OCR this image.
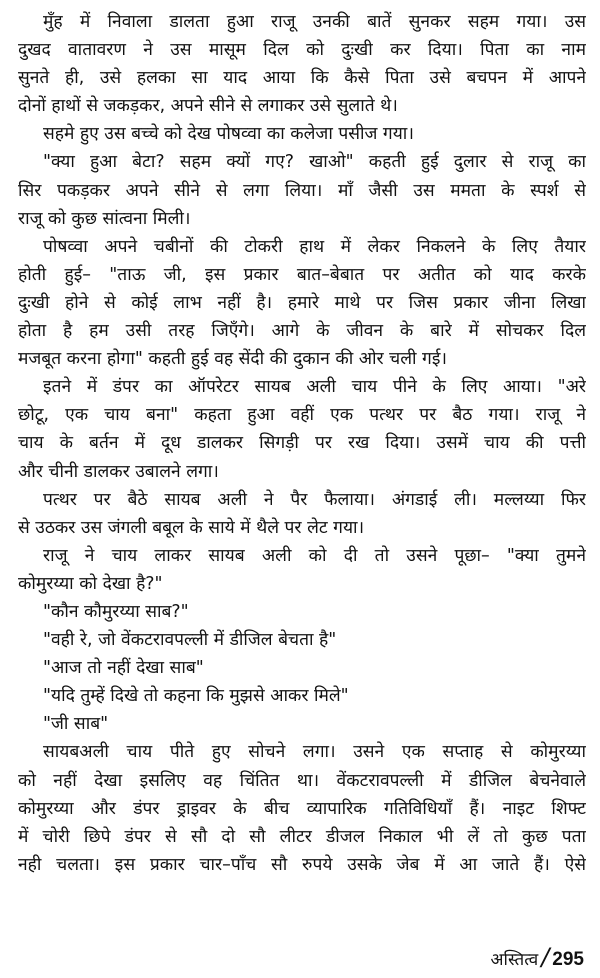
मुँह में निवाला डालता हुआ राजू उनकी बातें सुनकर सहम गया। उस
दुखद वातावरण ने उस मासूम दिल को दुःखी कर दिया। पिता का नाम
सुनते ही, उसे हलका सा याद आया कि कैसे पिता उसे बचपन में आपने
दोनों हाथों से जकड़कर, अपने सीने से लगाकर उसे सुलाते थे।
सहमे हुए उस बच्चे को देख पोषव्वा का कलेजा पसीज गया।
"क्या हुआ बेटा? सहम क्यों गए? खाओ" कहती हुई दुलार से राजू का
सिर पकड़कर अपने सीने से लगा लिया। माँ जैसी उस ममता के स्पर्श से
राजू को कुछ सांत्वना मिली।
पोषव्वा अपने चबीनों की टोकरी हाथ में लेकर निकलने के लिए तैयार
होती हुई– "ताऊ जी, इस प्रकार बात–बेबात पर अतीत को याद करके
दुःखी होने से कोई लाभ नहीं है। हमारे माथे पर जिस प्रकार जीना लिखा
होता है हम उसी तरह जिएँगे। आगे के जीवन के बारे में सोचकर दिल
मजबूत करना होगा" कहती हुई वह सेंदी की दुकान की ओर चली गई।
इतने में डंपर का ऑपरेटर सायब अली चाय पीने के लिए आया। "अरे
छोटू, एक चाय बना" कहता हुआ वहीं एक पत्थर पर बैठ गया। राजू ने
चाय के बर्तन में दूध डालकर सिगड़ी पर रख दिया। उसमें चाय की पत्ती
और चीनी डालकर उबालने लगा।
पत्थर पर बैठे सायब अली ने पैर फैलाया। अंगडाई ली। मल्लय्या फिर
से उठकर उस जंगली बबूल के साये में थैले पर लेट गया।
राजू ने चाय लाकर सायब अली को दी तो उसने पूछा– "क्या तुमने
कोमुरय्या को देखा है?"
"कौन कौमुरय्या साब?"
"वही रे, जो वेंकटरावपल्ली में डीजिल बेचता है"
"आज तो नहीं देखा साब"
"यदि तुम्हें दिखे तो कहना कि मुझसे आकर मिले"
"जी साब"
सायबअली चाय पीते हुए सोचने लगा। उसने एक सप्ताह से कोमुरय्या
को नहीं देखा इसलिए वह चिंतित था। वेंकटरावपल्ली में डीजिल बेचनेवाले
कोमुरय्या और डंपर ड्राइवर के बीच व्यापारिक गतिविधियाँ हैं। नाइट शिफ्ट
में चोरी छिपे डंपर से सौ दो सौ लीटर डीजल निकाल भी लें तो कुछ पता
नही चलता। इस प्रकार चार–पाँच सौ रुपये उसके जेब में आ जाते हैं। ऐसे
अस्तित्व / 295
